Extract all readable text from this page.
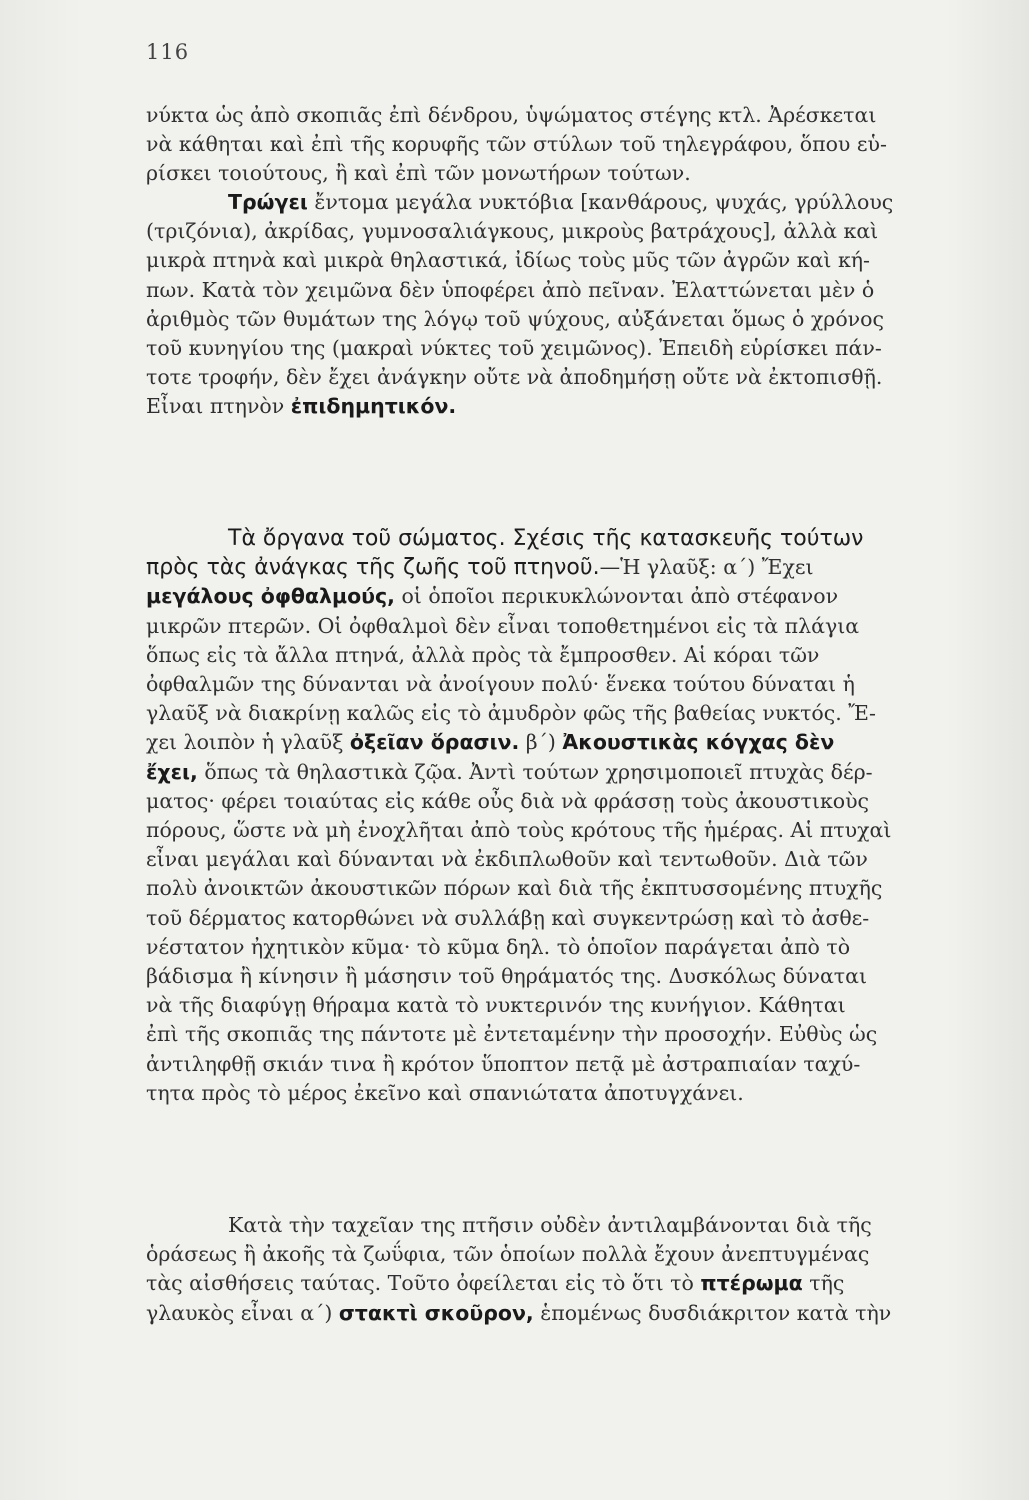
116
νύκτα ὡς ἀπὸ σκοπιᾶς ἐπὶ δένδρου, ὑψώματος στέγης κτλ. Ἀρέσκεται
νὰ κάθηται καὶ ἐπὶ τῆς κορυφῆς τῶν στύλων τοῦ τηλεγράφου, ὅπου εὑ-
ρίσκει τοιούτους, ἢ καὶ ἐπὶ τῶν μονωτήρων τούτων.
Τρώγει ἔντομα μεγάλα νυκτόβια [κανθάρους, ψυχάς, γρύλλους
(τριζόνια), ἀκρίδας, γυμνοσαλιάγκους, μικροὺς βατράχους], ἀλλὰ καὶ
μικρὰ πτηνὰ καὶ μικρὰ θηλαστικά, ἰδίως τοὺς μῦς τῶν ἀγρῶν καὶ κή-
πων. Κατὰ τὸν χειμῶνα δὲν ὑποφέρει ἀπὸ πεῖναν. Ἐλαττώνεται μὲν ὁ
ἀριθμὸς τῶν θυμάτων της λόγῳ τοῦ ψύχους, αὐξάνεται ὅμως ὁ χρόνος
τοῦ κυνηγίου της (μακραὶ νύκτες τοῦ χειμῶνος). Ἐπειδὴ εὑρίσκει πάν-
τοτε τροφήν, δὲν ἔχει ἀνάγκην οὔτε νὰ ἀποδημήσῃ οὔτε νὰ ἐκτοπισθῇ.
Εἶναι πτηνὸν ἐπιδημητικόν.
Τὰ ὄργανα τοῦ σώματος. Σχέσις τῆς κατασκευῆς τούτων
πρὸς τὰς ἀνάγκας τῆς ζωῆς τοῦ πτηνοῦ.—Ἡ γλαῦξ: α΄) Ἔχει
μεγάλους ὀφθαλμούς, οἱ ὁποῖοι περικυκλώνονται ἀπὸ στέφανον
μικρῶν πτερῶν. Οἱ ὀφθαλμοὶ δὲν εἶναι τοποθετημένοι εἰς τὰ πλάγια
ὅπως εἰς τὰ ἄλλα πτηνά, ἀλλὰ πρὸς τὰ ἔμπροσθεν. Αἱ κόραι τῶν
ὀφθαλμῶν της δύνανται νὰ ἀνοίγουν πολύ· ἕνεκα τούτου δύναται ἡ
γλαῦξ νὰ διακρίνῃ καλῶς εἰς τὸ ἀμυδρὸν φῶς τῆς βαθείας νυκτός. Ἔ-
χει λοιπὸν ἡ γλαῦξ ὀξεῖαν ὅρασιν. β΄) Ἀκουστικὰς κόγχας δὲν
ἔχει, ὅπως τὰ θηλαστικὰ ζῷα. Ἀντὶ τούτων χρησιμοποιεῖ πτυχὰς δέρ-
ματος· φέρει τοιαύτας εἰς κάθε οὖς διὰ νὰ φράσσῃ τοὺς ἀκουστικοὺς
πόρους, ὥστε νὰ μὴ ἐνοχλῆται ἀπὸ τοὺς κρότους τῆς ἡμέρας. Αἱ πτυχαὶ
εἶναι μεγάλαι καὶ δύνανται νὰ ἐκδιπλωθοῦν καὶ τεντωθοῦν. Διὰ τῶν
πολὺ ἀνοικτῶν ἀκουστικῶν πόρων καὶ διὰ τῆς ἐκπτυσσομένης πτυχῆς
τοῦ δέρματος κατορθώνει νὰ συλλάβῃ καὶ συγκεντρώσῃ καὶ τὸ ἀσθε-
νέστατον ἠχητικὸν κῦμα· τὸ κῦμα δηλ. τὸ ὁποῖον παράγεται ἀπὸ τὸ
βάδισμα ἢ κίνησιν ἢ μάσησιν τοῦ θηράματός της. Δυσκόλως δύναται
νὰ τῆς διαφύγῃ θήραμα κατὰ τὸ νυκτερινόν της κυνήγιον. Κάθηται
ἐπὶ τῆς σκοπιᾶς της πάντοτε μὲ ἐντεταμένην τὴν προσοχήν. Εὐθὺς ὡς
ἀντιληφθῇ σκιάν τινα ἢ κρότον ὕποπτον πετᾷ μὲ ἀστραπιαίαν ταχύ-
τητα πρὸς τὸ μέρος ἐκεῖνο καὶ σπανιώτατα ἀποτυγχάνει.
Κατὰ τὴν ταχεῖαν της πτῆσιν οὐδὲν ἀντιλαμβάνονται διὰ τῆς
ὁράσεως ἢ ἀκοῆς τὰ ζωΰφια, τῶν ὁποίων πολλὰ ἔχουν ἀνεπτυγμένας
τὰς αἰσθήσεις ταύτας. Τοῦτο ὀφείλεται εἰς τὸ ὅτι τὸ πτέρωμα τῆς
γλαυκὸς εἶναι α΄) στακτὶ σκοῦρον, ἑπομένως δυσδιάκριτον κατὰ τὴν
